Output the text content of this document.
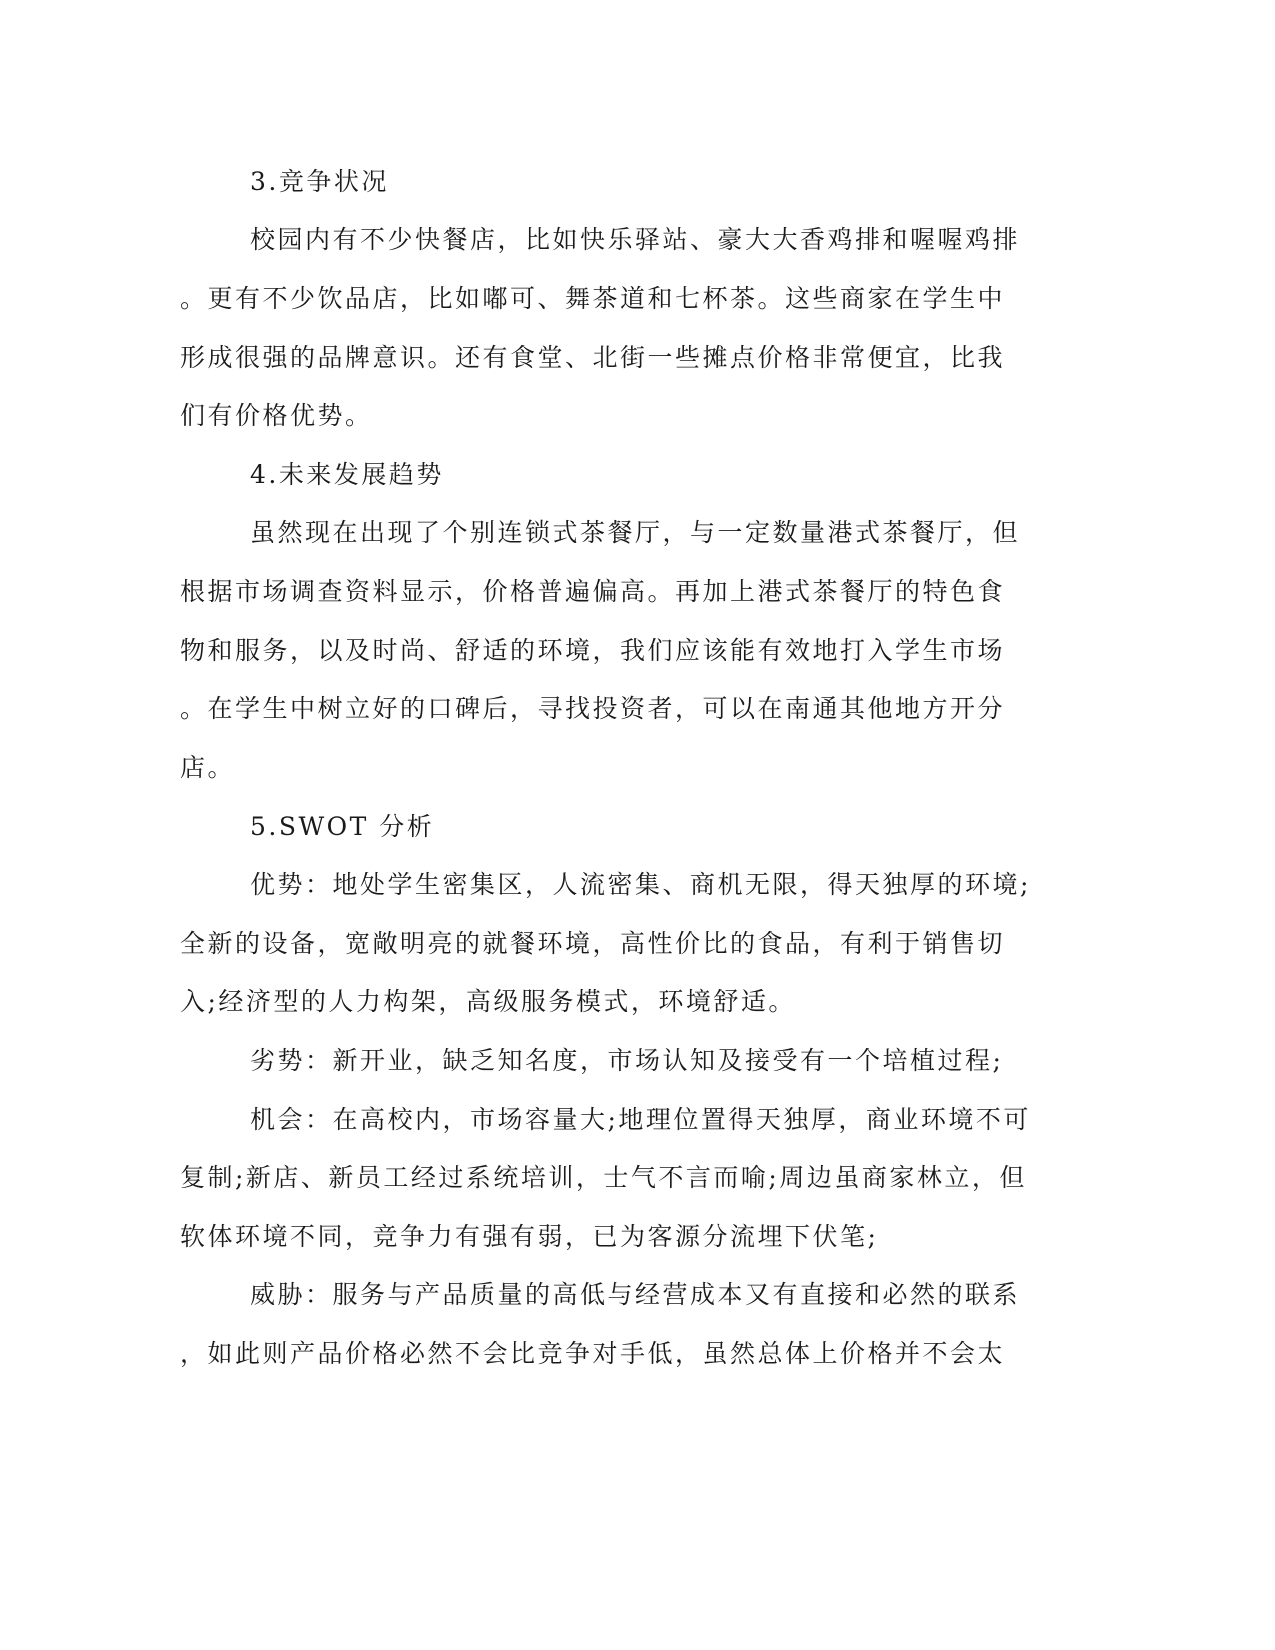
3.竞争状况
校园内有不少快餐店，比如快乐驿站、豪大大香鸡排和喔喔鸡排
。更有不少饮品店，比如嘟可、舞茶道和七杯茶。这些商家在学生中
形成很强的品牌意识。还有食堂、北街一些摊点价格非常便宜，比我
们有价格优势。
4.未来发展趋势
虽然现在出现了个别连锁式茶餐厅，与一定数量港式茶餐厅，但
根据市场调查资料显示，价格普遍偏高。再加上港式茶餐厅的特色食
物和服务，以及时尚、舒适的环境，我们应该能有效地打入学生市场
。在学生中树立好的口碑后，寻找投资者，可以在南通其他地方开分
店。
5.SWOT 分析
优势：地处学生密集区，人流密集、商机无限，得天独厚的环境;
全新的设备，宽敞明亮的就餐环境，高性价比的食品，有利于销售切
入;经济型的人力构架，高级服务模式，环境舒适。
劣势：新开业，缺乏知名度，市场认知及接受有一个培植过程;
机会：在高校内，市场容量大;地理位置得天独厚，商业环境不可
复制;新店、新员工经过系统培训，士气不言而喻;周边虽商家林立，但
软体环境不同，竞争力有强有弱，已为客源分流埋下伏笔;
威胁：服务与产品质量的高低与经营成本又有直接和必然的联系
，如此则产品价格必然不会比竞争对手低，虽然总体上价格并不会太
